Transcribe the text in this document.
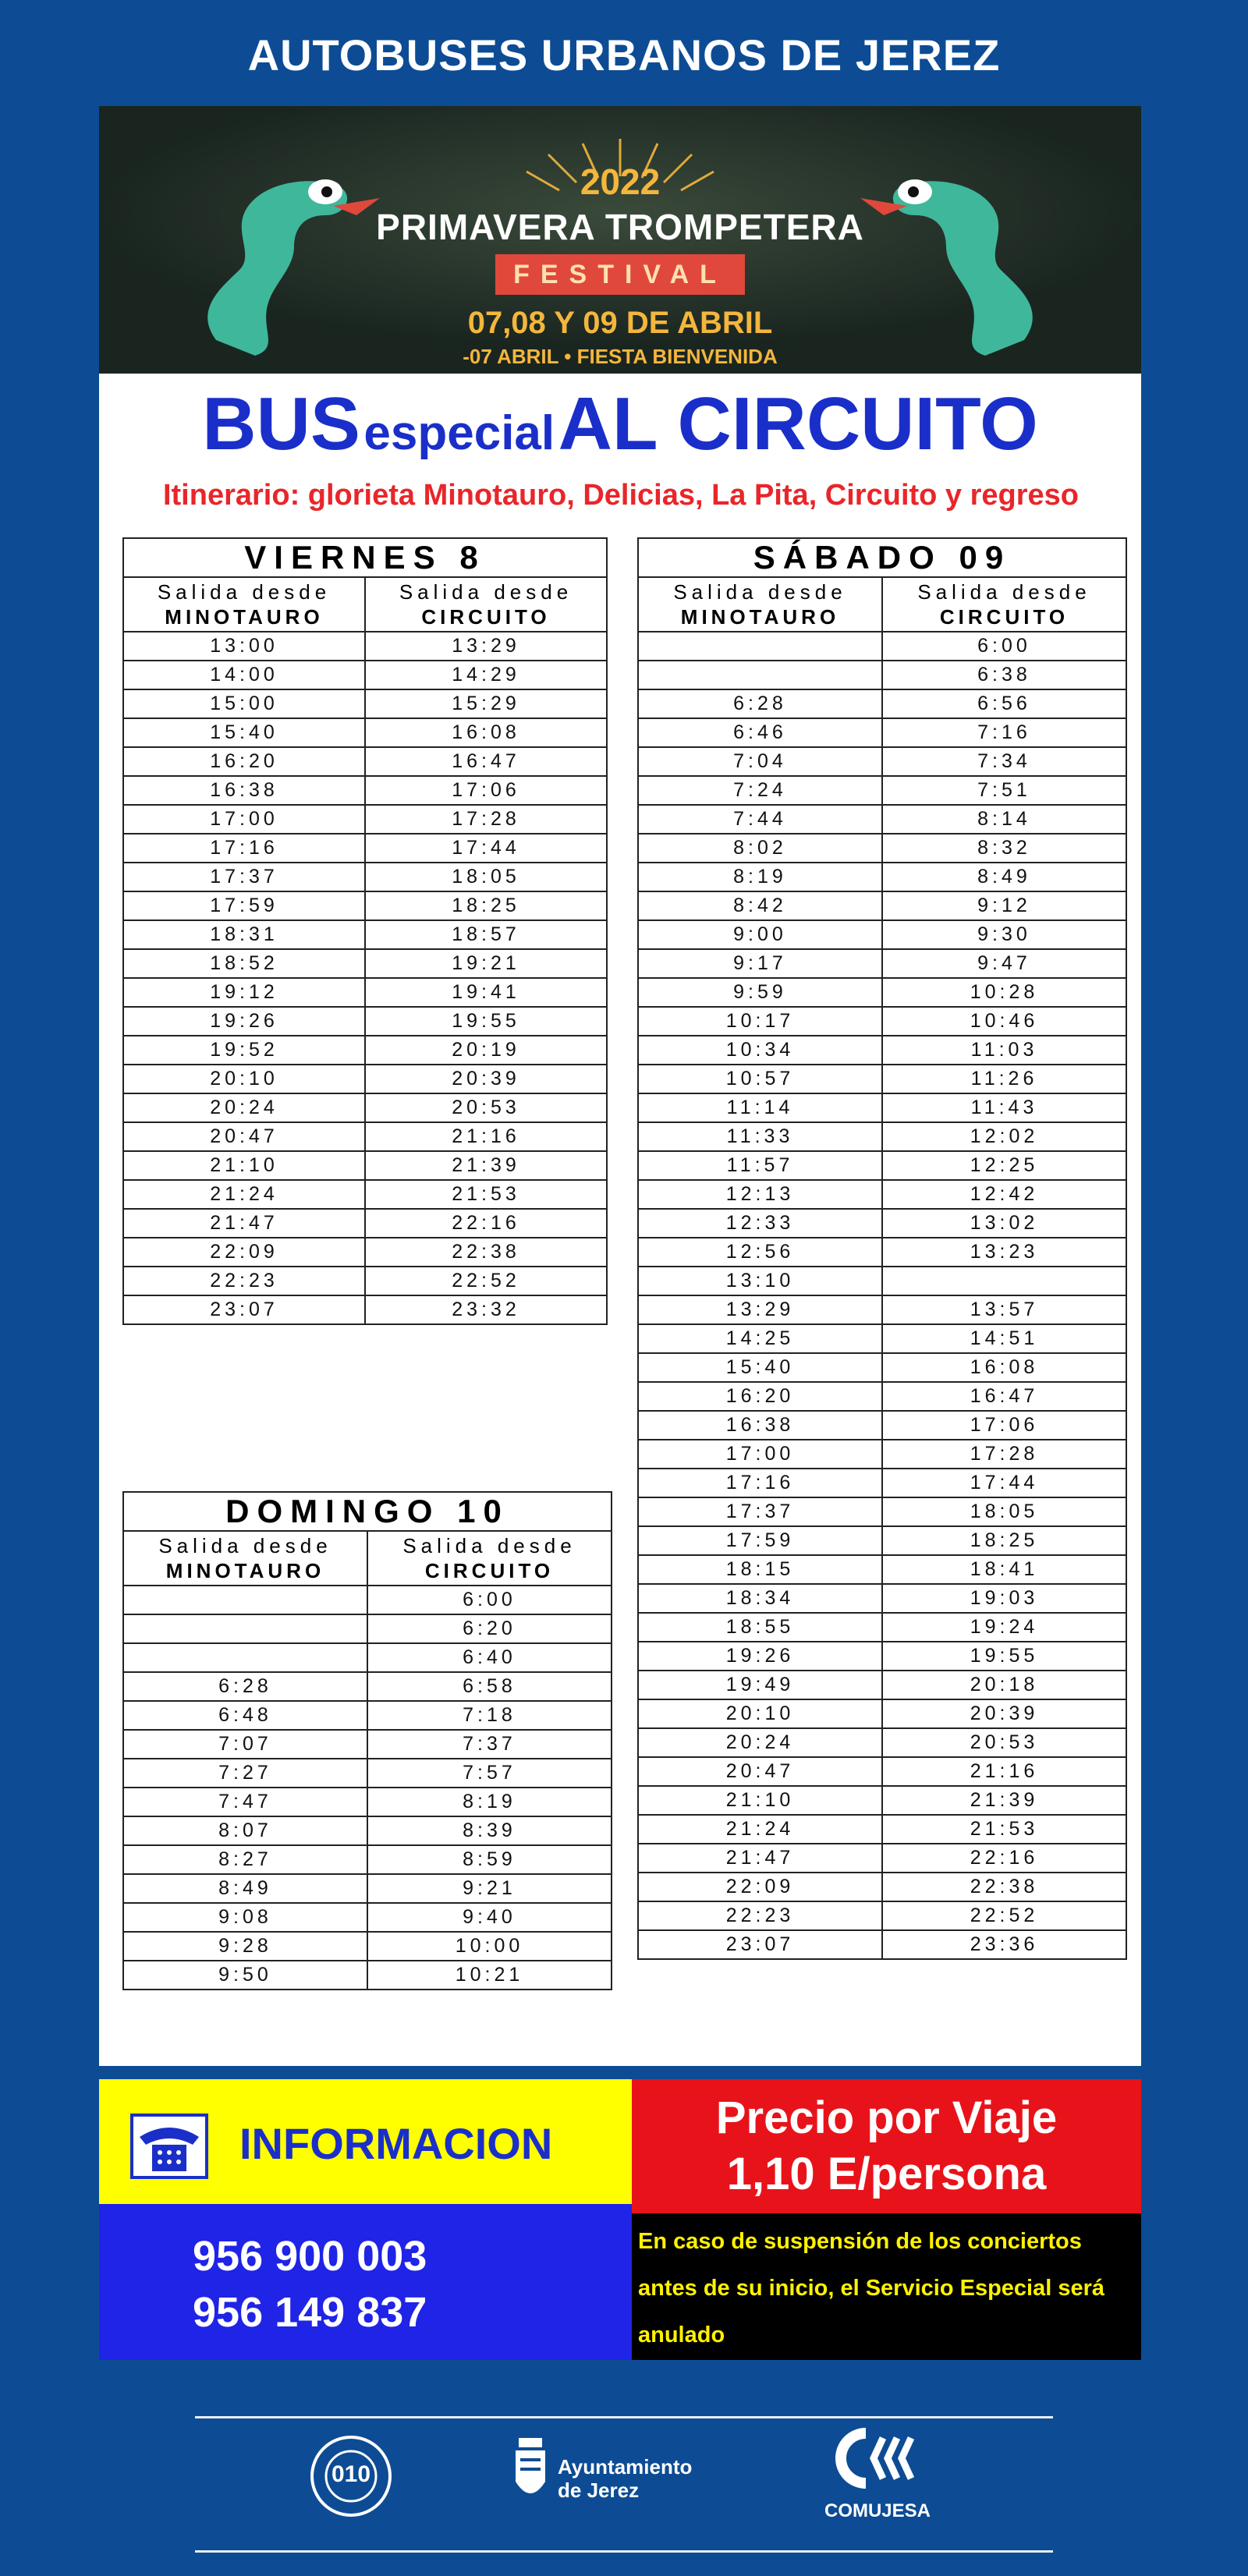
AUTOBUSES URBANOS DE JEREZ
2022
PRIMAVERA TROMPETERA
FESTIVAL
07,08 Y 09 DE ABRIL
-07 ABRIL • FIESTA BIENVENIDA
BUS especial AL CIRCUITO
Itinerario: glorieta Minotauro, Delicias, La Pita, Circuito y regreso
VIERNES 8	
Salida desde
MINOTAURO	Salida desde
CIRCUITO
13:00	13:29
14:00	14:29
15:00	15:29
15:40	16:08
16:20	16:47
16:38	17:06
17:00	17:28
17:16	17:44
17:37	18:05
17:59	18:25
18:31	18:57
18:52	19:21
19:12	19:41
19:26	19:55
19:52	20:19
20:10	20:39
20:24	20:53
20:47	21:16
21:10	21:39
21:24	21:53
21:47	22:16
22:09	22:38
22:23	22:52
23:07	23:32
SÁBADO 09	
Salida desde
MINOTAURO	Salida desde
CIRCUITO
	6:00
	6:38
6:28	6:56
6:46	7:16
7:04	7:34
7:24	7:51
7:44	8:14
8:02	8:32
8:19	8:49
8:42	9:12
9:00	9:30
9:17	9:47
9:59	10:28
10:17	10:46
10:34	11:03
10:57	11:26
11:14	11:43
11:33	12:02
11:57	12:25
12:13	12:42
12:33	13:02
12:56	13:23
13:10	
13:29	13:57
14:25	14:51
15:40	16:08
16:20	16:47
16:38	17:06
17:00	17:28
17:16	17:44
17:37	18:05
17:59	18:25
18:15	18:41
18:34	19:03
18:55	19:24
19:26	19:55
19:49	20:18
20:10	20:39
20:24	20:53
20:47	21:16
21:10	21:39
21:24	21:53
21:47	22:16
22:09	22:38
22:23	22:52
23:07	23:36
DOMINGO 10	
Salida desde
MINOTAURO	Salida desde
CIRCUITO
	6:00
	6:20
	6:40
6:28	6:58
6:48	7:18
7:07	7:37
7:27	7:57
7:47	8:19
8:07	8:39
8:27	8:59
8:49	9:21
9:08	9:40
9:28	10:00
9:50	10:21
INFORMACION
956 900 003
956 149 837
Precio por Viaje
1,10 E/persona
En caso de suspensión de los conciertos
antes de su inicio, el Servicio Especial será
anulado
010	Ayuntamiento
de Jerez
COMUJESA
